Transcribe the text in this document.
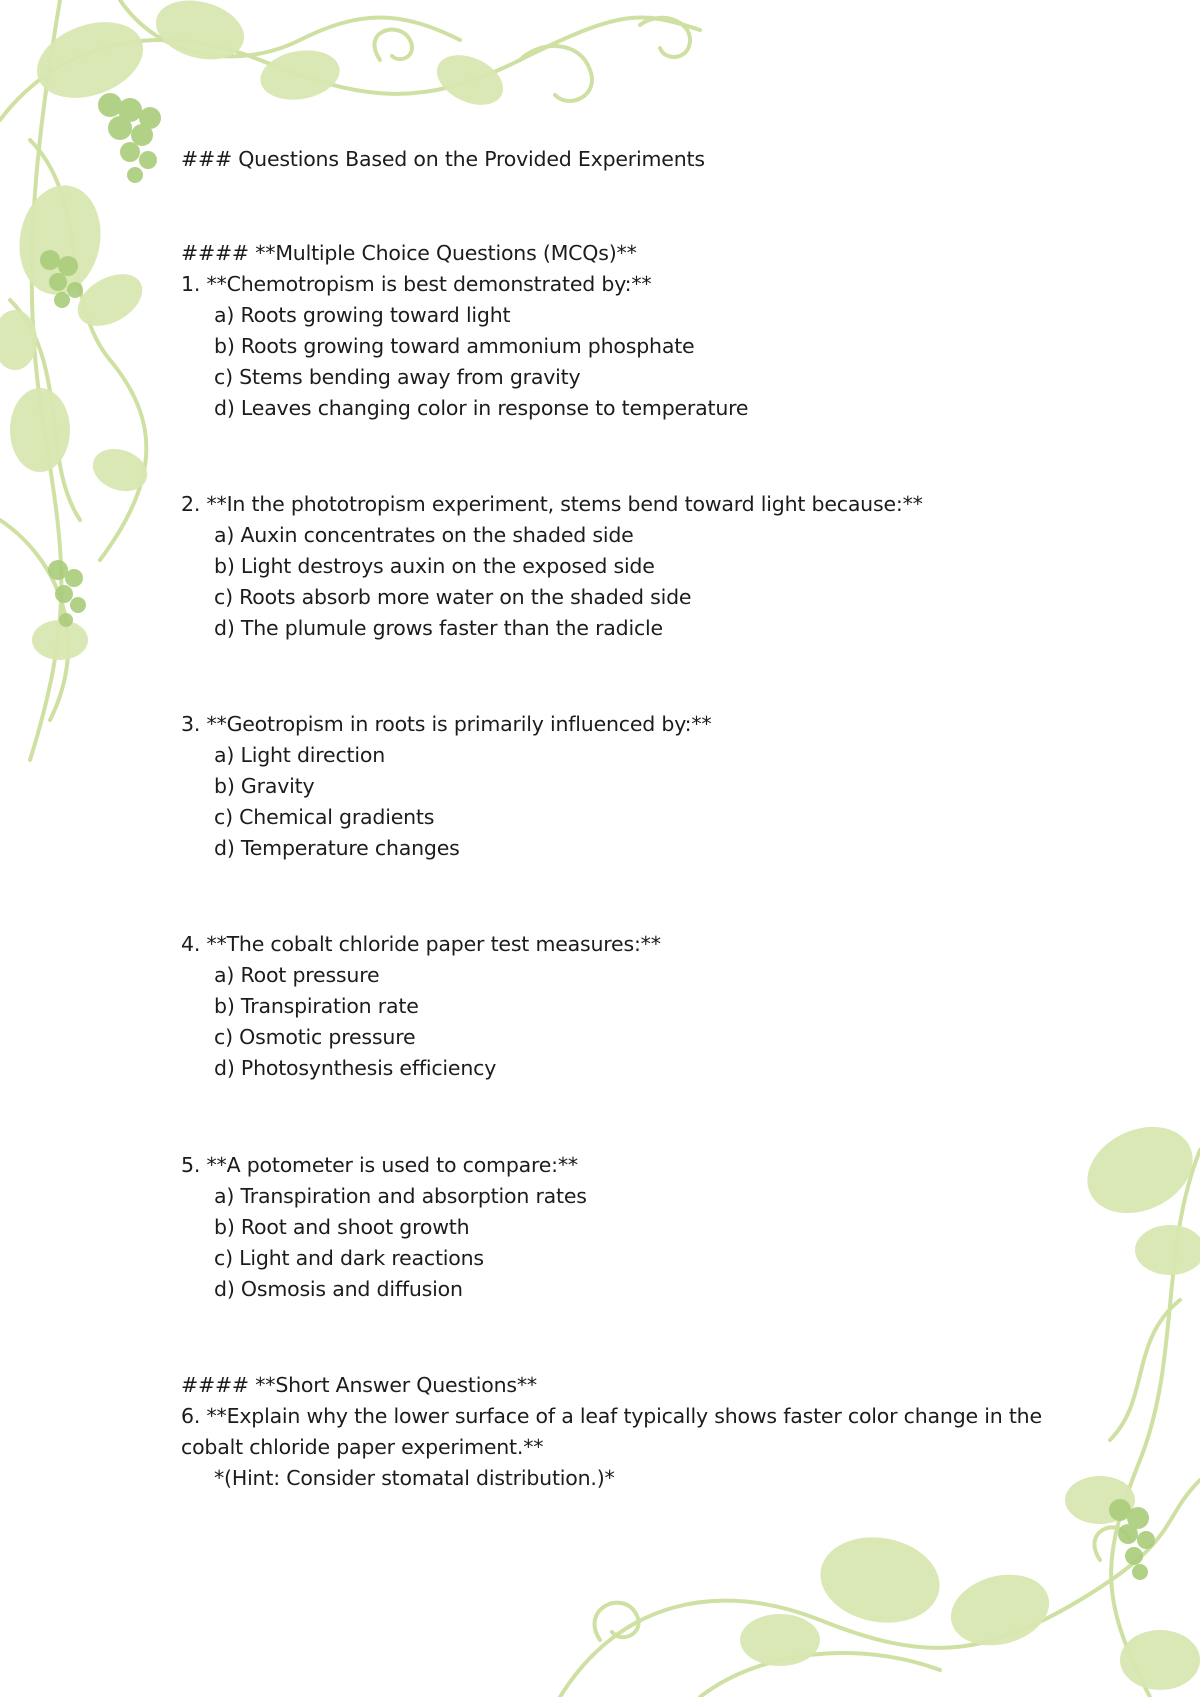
### Questions Based on the Provided Experiments
#### **Multiple Choice Questions (MCQs)**
1. **Chemotropism is best demonstrated by:**
a) Roots growing toward light
b) Roots growing toward ammonium phosphate
c) Stems bending away from gravity
d) Leaves changing color in response to temperature
2. **In the phototropism experiment, stems bend toward light because:**
a) Auxin concentrates on the shaded side
b) Light destroys auxin on the exposed side
c) Roots absorb more water on the shaded side
d) The plumule grows faster than the radicle
3. **Geotropism in roots is primarily influenced by:**
a) Light direction
b) Gravity
c) Chemical gradients
d) Temperature changes
4. **The cobalt chloride paper test measures:**
a) Root pressure
b) Transpiration rate
c) Osmotic pressure
d) Photosynthesis efficiency
5. **A potometer is used to compare:**
a) Transpiration and absorption rates
b) Root and shoot growth
c) Light and dark reactions
d) Osmosis and diffusion
#### **Short Answer Questions**
6. **Explain why the lower surface of a leaf typically shows faster color change in the
cobalt chloride paper experiment.**
*(Hint: Consider stomatal distribution.)*
